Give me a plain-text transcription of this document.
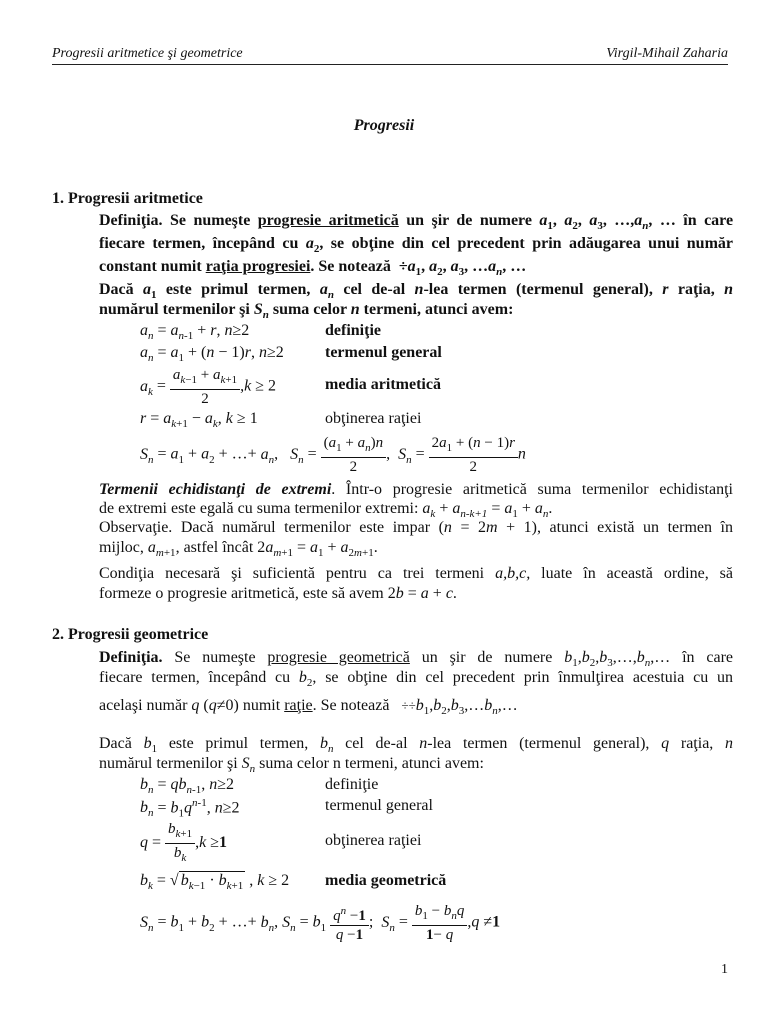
Progresii aritmetice şi geometrice	Virgil-Mihail Zaharia
Progresii
1. Progresii aritmetice
Definiţia. Se numeşte progresie aritmetică un şir de numere $a_1$, $a_2$, $a_3$, $\dots,a_n$, … în care
fiecare termen, începând cu $a_2$, se obţine din cel precedent prin adăugarea unui număr
constant numit raţia progresiei. Se notează  $\div a_1$, $a_2$, $a_3$, $\dots a_n$, …
Dacă $a_1$ este primul termen, $a_n$ cel de-al n-lea termen (termenul general), r raţia, n
numărul termenilor şi $S_n$ suma celor n termeni, atunci avem:
$a_n = a_{n-1} + r$, n≥2	definiţie
$a_n = a_1 + (n - 1)r$, n≥2	termenul general
$a_k = \frac{a_{k-1} + a_{k+1}}{2} ,k \ge 2$	media aritmetică
$r = a_{k+1} - a_k$, k ≥ 1	obţinerea raţiei
$S_n = a_1 + a_2$ + …+ $a_n$,   $S_n = \frac{(a_1 + a_n)n}{2}$ ,  $S_n = \frac{2a_1 + (n - 1)r}{2}$ n
Termenii echidistanţi de extremi. Într-o progresie aritmetică suma termenilor echidistanţi
de extremi este egală cu suma termenilor extremi: $a_k + a_{n-k+1} = a_1 + a_n$.
Observaţie. Dacă numărul termenilor este impar (n = 2m + 1), atunci există un termen în
mijloc, $a_{m+1}$, astfel încât $2a_{m+1} = a_1 + a_{2m+1}$.
Condiţia necesară şi suficientă pentru ca trei termeni a,b,c, luate în această ordine, să
formeze o progresie aritmetică, este să avem 2b = a + c.
2. Progresii geometrice
Definiţia. Se numeşte progresie geometrică un şir de numere $b_1,b_2,b_3,\dots,b_n,\dots$ în care
fiecare termen, începând cu $b_2$, se obţine din cel precedent prin înmulţirea acestuia cu un
acelaşi număr q (q≠0) numit raţie. Se notează   $\div\div b_1,b_2,b_3,\dots b_n,\dots$
Dacă $b_1$ este primul termen, $b_n$ cel de-al n-lea termen (termenul general), q raţia, n
numărul termenilor şi $S_n$ suma celor n termeni, atunci avem:
$b_n = qb_{n-1}$, n≥2	definiţie
$b_n = b_1q^{n-1}$, n≥2	termenul general
$q = \frac{b_{k+1}}{b_k} ,k \ge 1$	obţinerea raţiei
$b_k$ = √ $b_{k-1} \cdot b_{k+1}$ , k ≥ 2 media geometrică
$S_n = b_1 + b_2$ + …+ $b_n$, $S_n = b_1 \frac{q^n -1}{q -1}$ ;  $S_n = \frac{b_1 - b_nq}{1- q} ,q \ne 1$
1
